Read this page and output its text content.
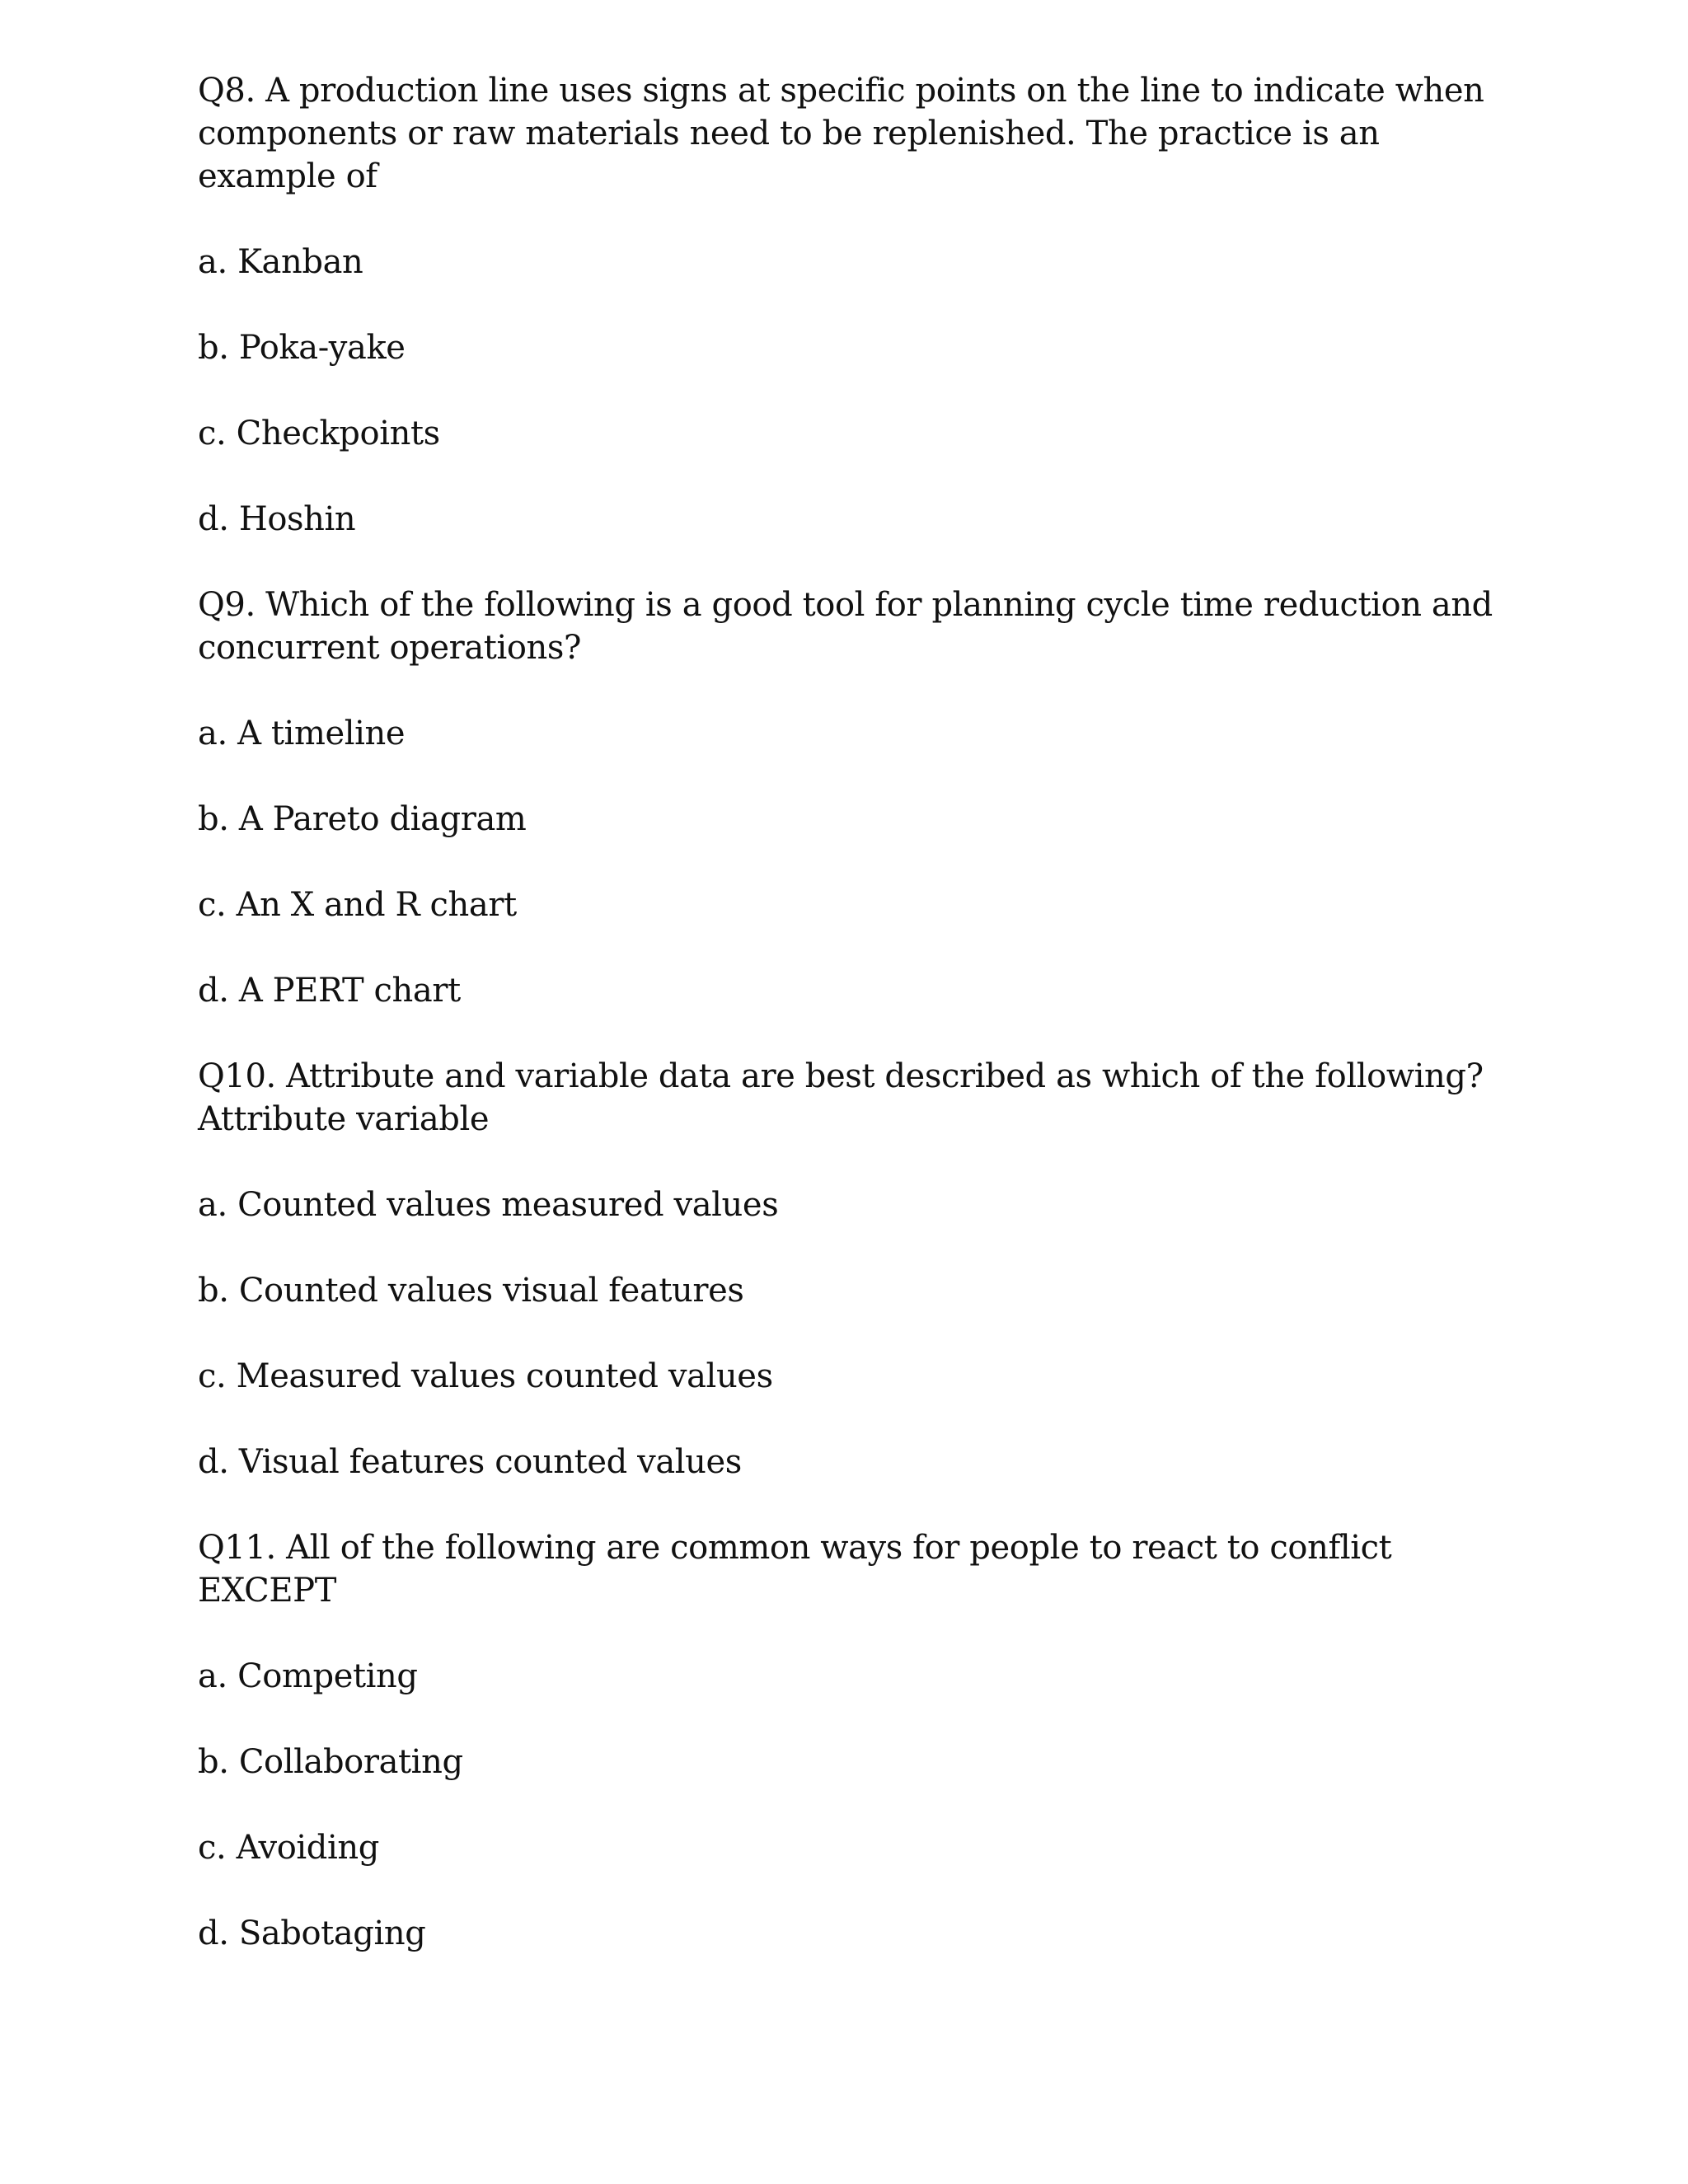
Q8. A production line uses signs at specific points on the line to indicate when components or raw materials need to be replenished. The practice is an example of

a. Kanban

b. Poka-yake

c. Checkpoints

d. Hoshin

Q9. Which of the following is a good tool for planning cycle time reduction and concurrent operations?

a. A timeline

b. A Pareto diagram

c. An X and R chart

d. A PERT chart

Q10. Attribute and variable data are best described as which of the following? Attribute variable

a. Counted values measured values

b. Counted values visual features

c. Measured values counted values

d. Visual features counted values

Q11. All of the following are common ways for people to react to conflict EXCEPT

a. Competing

b. Collaborating

c. Avoiding

d. Sabotaging
